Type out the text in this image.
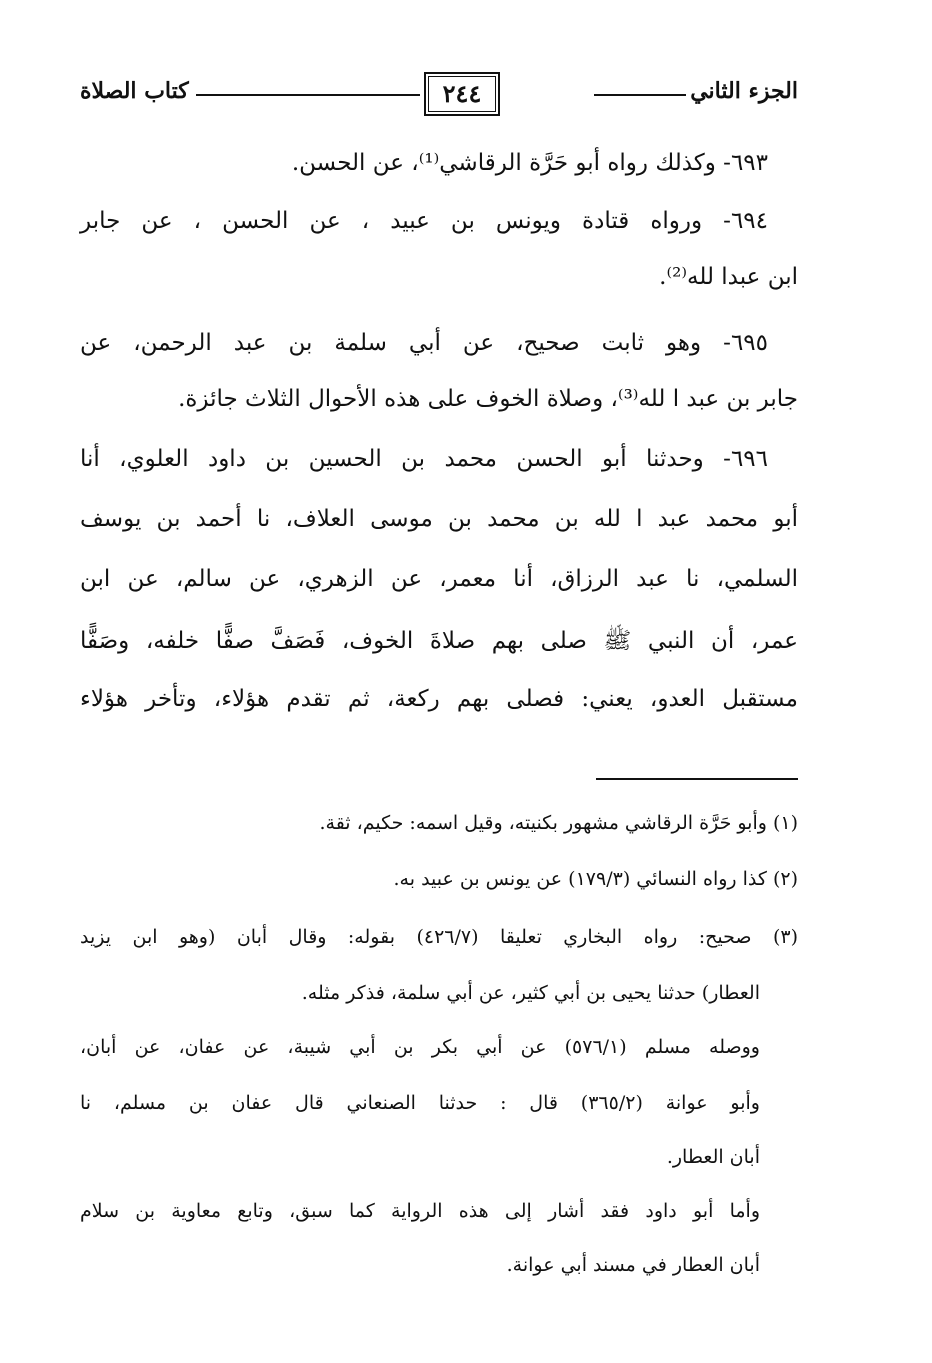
الجزء الثاني
٢٤٤
كتاب الصلاة
٦٩٣- وكذلك رواه أبو حَرَّة الرقاشي⁽¹⁾، عن الحسن.
٦٩٤- ورواه قتادة ويونس بن عبيد ، عن الحسن ، عن جابر
ابن عبدا لله⁽²⁾.
٦٩٥- وهو ثابت صحيح، عن أبي سلمة بن عبد الرحمن، عن
جابر بن عبد ا لله⁽³⁾، وصلاة الخوف على هذه الأحوال الثلاث جائزة.
٦٩٦- وحدثنا أبو الحسن محمد بن الحسين بن داود العلوي، أنا
أبو محمد عبد ا لله بن محمد بن موسى العلاف، نا أحمد بن يوسف
السلمي، نا عبد الرزاق، أنا معمر، عن الزهري، عن سالم، عن ابن
عمر، أن النبي ﷺ صلى بهم صلاةَ الخوف، فَصَفَّ صفًّا خلفه، وصَفًّا
مستقبل العدو، يعني: فصلى بهم ركعة، ثم تقدم هؤلاء، وتأخر هؤلاء
(١) وأبو حَرَّة الرقاشي مشهور بكنيته، وقيل اسمه: حكيم، ثقة.
(٢) كذا رواه النسائي (١٧٩/٣) عن يونس بن عبيد به.
(٣) صحيح: رواه البخاري تعليقا (٤٢٦/٧) بقوله: وقال أبان (وهو ابن يزيد
العطار) حدثنا يحيى بن أبي كثير، عن أبي سلمة، فذكر مثله.
ووصله مسلم (٥٧٦/١) عن أبي بكر بن أبي شيبة، عن عفان، عن أبان،
وأبو عوانة (٣٦٥/٢) قال : حدثنا الصنعاني قال عفان بن مسلم، نا
أبان العطار.
وأما أبو داود فقد أشار إلى هذه الرواية كما سبق، وتابع معاوية بن سلام
أبان العطار في مسند أبي عوانة.
